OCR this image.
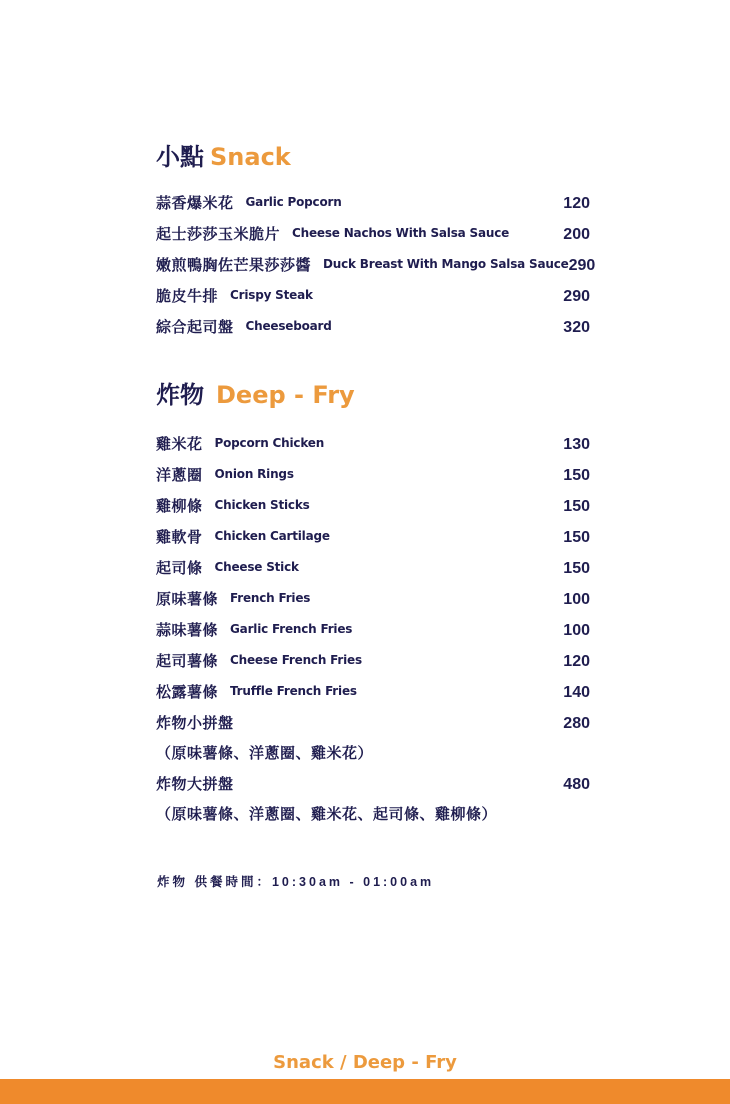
小點 Snack
蒜香爆米花 Garlic Popcorn	120
起士莎莎玉米脆片 Cheese Nachos With Salsa Sauce	200
嫩煎鴨胸佐芒果莎莎醬 Duck Breast With Mango Salsa Sauce 290
脆皮牛排 Crispy Steak	290
綜合起司盤 Cheeseboard	320
炸物 Deep - Fry
雞米花 Popcorn Chicken	130
洋蔥圈 Onion Rings	150
雞柳條 Chicken Sticks	150
雞軟骨 Chicken Cartilage	150
起司條 Cheese Stick	150
原味薯條 French Fries	100
蒜味薯條 Garlic French Fries	100
起司薯條 Cheese French Fries	120
松露薯條 Truffle French Fries	140
炸物小拼盤	280
（原味薯條、洋蔥圈、雞米花）
炸物大拼盤	480
（原味薯條、洋蔥圈、雞米花、起司條、雞柳條）
炸物 供餐時間：10:30am - 01:00am
Snack / Deep - Fry
